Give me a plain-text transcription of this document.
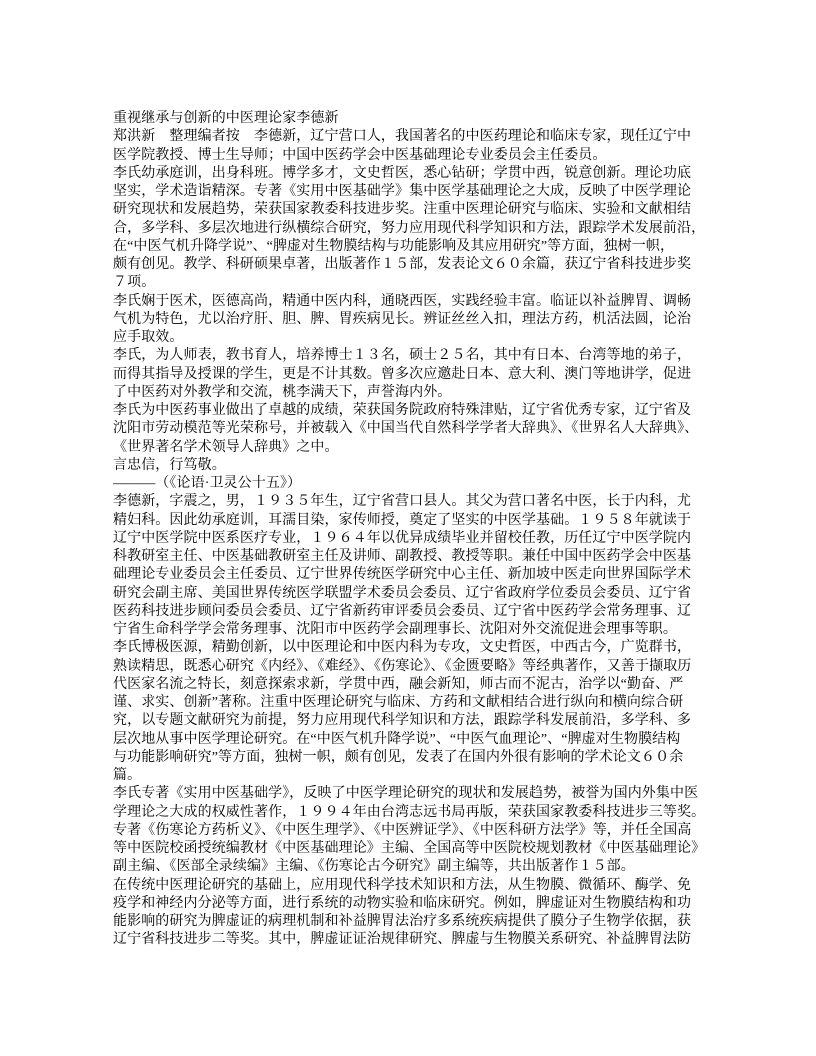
重视继承与创新的中医理论家李德新
郑洪新　整理编者按　李德新，辽宁营口人，我国著名的中医药理论和临床专家，现任辽宁中
医学院教授、博士生导师；中国中医药学会中医基础理论专业委员会主任委员。
李氏幼承庭训，出身科班。博学多才，文史哲医，悉心钻研；学贯中西，锐意创新。理论功底
坚实，学术造诣精深。专著《实用中医基础学》集中医学基础理论之大成，反映了中医学理论
研究现状和发展趋势，荣获国家教委科技进步奖。注重中医理论研究与临床、实验和文献相结
合，多学科、多层次地进行纵横综合研究，努力应用现代科学知识和方法，跟踪学术发展前沿，
在“中医气机升降学说”、“脾虚对生物膜结构与功能影响及其应用研究”等方面，独树一帜，
颇有创见。教学、科研硕果卓著，出版著作１５部，发表论文６０余篇，获辽宁省科技进步奖
７项。
李氏娴于医术，医德高尚，精通中医内科，通晓西医，实践经验丰富。临证以补益脾胃、调畅
气机为特色，尤以治疗肝、胆、脾、胃疾病见长。辨证丝丝入扣，理法方药，机活法圆，论治
应手取效。
李氏，为人师表，教书育人，培养博士１３名，硕士２５名，其中有日本、台湾等地的弟子，
而得其指导及授课的学生，更是不计其数。曾多次应邀赴日本、意大利、澳门等地讲学，促进
了中医药对外教学和交流，桃李满天下，声誉海内外。
李氏为中医药事业做出了卓越的成绩，荣获国务院政府特殊津贴，辽宁省优秀专家，辽宁省及
沈阳市劳动模范等光荣称号，并被载入《中国当代自然科学学者大辞典》、《世界名人大辞典》、
《世界著名学术领导人辞典》之中。
言忠信，行笃敬。
———（《论语·卫灵公十五》）
李德新，字震之，男，１９３５年生，辽宁省营口县人。其父为营口著名中医，长于内科，尤
精妇科。因此幼承庭训，耳濡目染，家传师授，奠定了坚实的中医学基础。１９５８年就读于
辽宁中医学院中医系医疗专业，１９６４年以优异成绩毕业并留校任教，历任辽宁中医学院内
科教研室主任、中医基础教研室主任及讲师、副教授、教授等职。兼任中国中医药学会中医基
础理论专业委员会主任委员、辽宁世界传统医学研究中心主任、新加坡中医走向世界国际学术
研究会副主席、美国世界传统医学联盟学术委员会委员、辽宁省政府学位委员会委员、辽宁省
医药科技进步顾问委员会委员、辽宁省新药审评委员会委员、辽宁省中医药学会常务理事、辽
宁省生命科学学会常务理事、沈阳市中医药学会副理事长、沈阳对外交流促进会理事等职。
李氏博极医源，精勤创新，以中医理论和中医内科为专攻，文史哲医，中西古今，广览群书，
熟读精思，既悉心研究《内经》、《难经》、《伤寒论》、《金匮要略》等经典著作，又善于撷取历
代医家名流之特长，刻意探索求新，学贯中西，融会新知，师古而不泥古，治学以“勤奋、严
谨、求实、创新”著称。注重中医理论研究与临床、方药和文献相结合进行纵向和横向综合研
究，以专题文献研究为前提，努力应用现代科学知识和方法，跟踪学科发展前沿，多学科、多
层次地从事中医学理论研究。在“中医气机升降学说”、“中医气血理论”、“脾虚对生物膜结构
与功能影响研究”等方面，独树一帜，颇有创见，发表了在国内外很有影响的学术论文６０余
篇。
李氏专著《实用中医基础学》，反映了中医学理论研究的现状和发展趋势，被誉为国内外集中医
学理论之大成的权威性著作，１９９４年由台湾志远书局再版，荣获国家教委科技进步三等奖。
专著《伤寒论方药析义》、《中医生理学》、《中医辨证学》、《中医科研方法学》等，并任全国高
等中医院校函授统编教材《中医基础理论》主编、全国高等中医院校规划教材《中医基础理论》
副主编、《医部全录续编》主编、《伤寒论古今研究》副主编等，共出版著作１５部。
在传统中医理论研究的基础上，应用现代科学技术知识和方法，从生物膜、微循环、酶学、免
疫学和神经内分泌等方面，进行系统的动物实验和临床研究。例如，脾虚证对生物膜结构和功
能影响的研究为脾虚证的病理机制和补益脾胃法治疗多系统疾病提供了膜分子生物学依据，获
辽宁省科技进步二等奖。其中，脾虚证证治规律研究、脾虚与生物膜关系研究、补益脾胃法防
